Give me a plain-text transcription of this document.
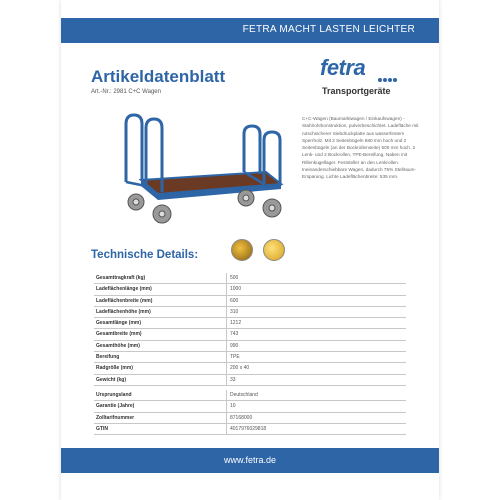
FETRA MACHT LASTEN LEICHTER
Artikeldatenblatt
Art.-Nr.: 2981 C+C Wagen
fetra
Transportgeräte
C+C-Wagen (Baumarktwagen / Einkaufswagen) - Stahlrohrkonstruktion, pulverbeschichtet. Ladefläche mit rutschsicherer Siebdruckplatte aus wasserfestem Sperrholz. Mit 2 Seitenbügeln 680 mm hoch und 2 Seitenbügeln (an der Bockrollenseite) 500 mm hoch. 2 Lenk- und 2 Bockrollen, TPE-Bereifung, Naben mit Rillenkugellager. Feststeller an den Lenkrollen. Ineinanderschiebbare Wagen, dadurch 75% Stellraum-Ersparung. Lichte Ladeflächenbreite: 535 mm.
Technische Details:
Gesamttragkraft (kg)	500
Ladeflächenlänge (mm)	1000
Ladeflächenbreite (mm)	600
Ladeflächenhöhe (mm)	310
Gesamtlänge (mm)	1212
Gesamtbreite (mm)	743
Gesamthöhe (mm)	990
Bereifung	TPE
Radgröße (mm)	200 x 40
Gewicht (kg)	33
Ursprungsland	Deutschland
Garantie (Jahre)	10
Zolltarifnummer	87168000
GTIN	4017976029818
www.fetra.de
